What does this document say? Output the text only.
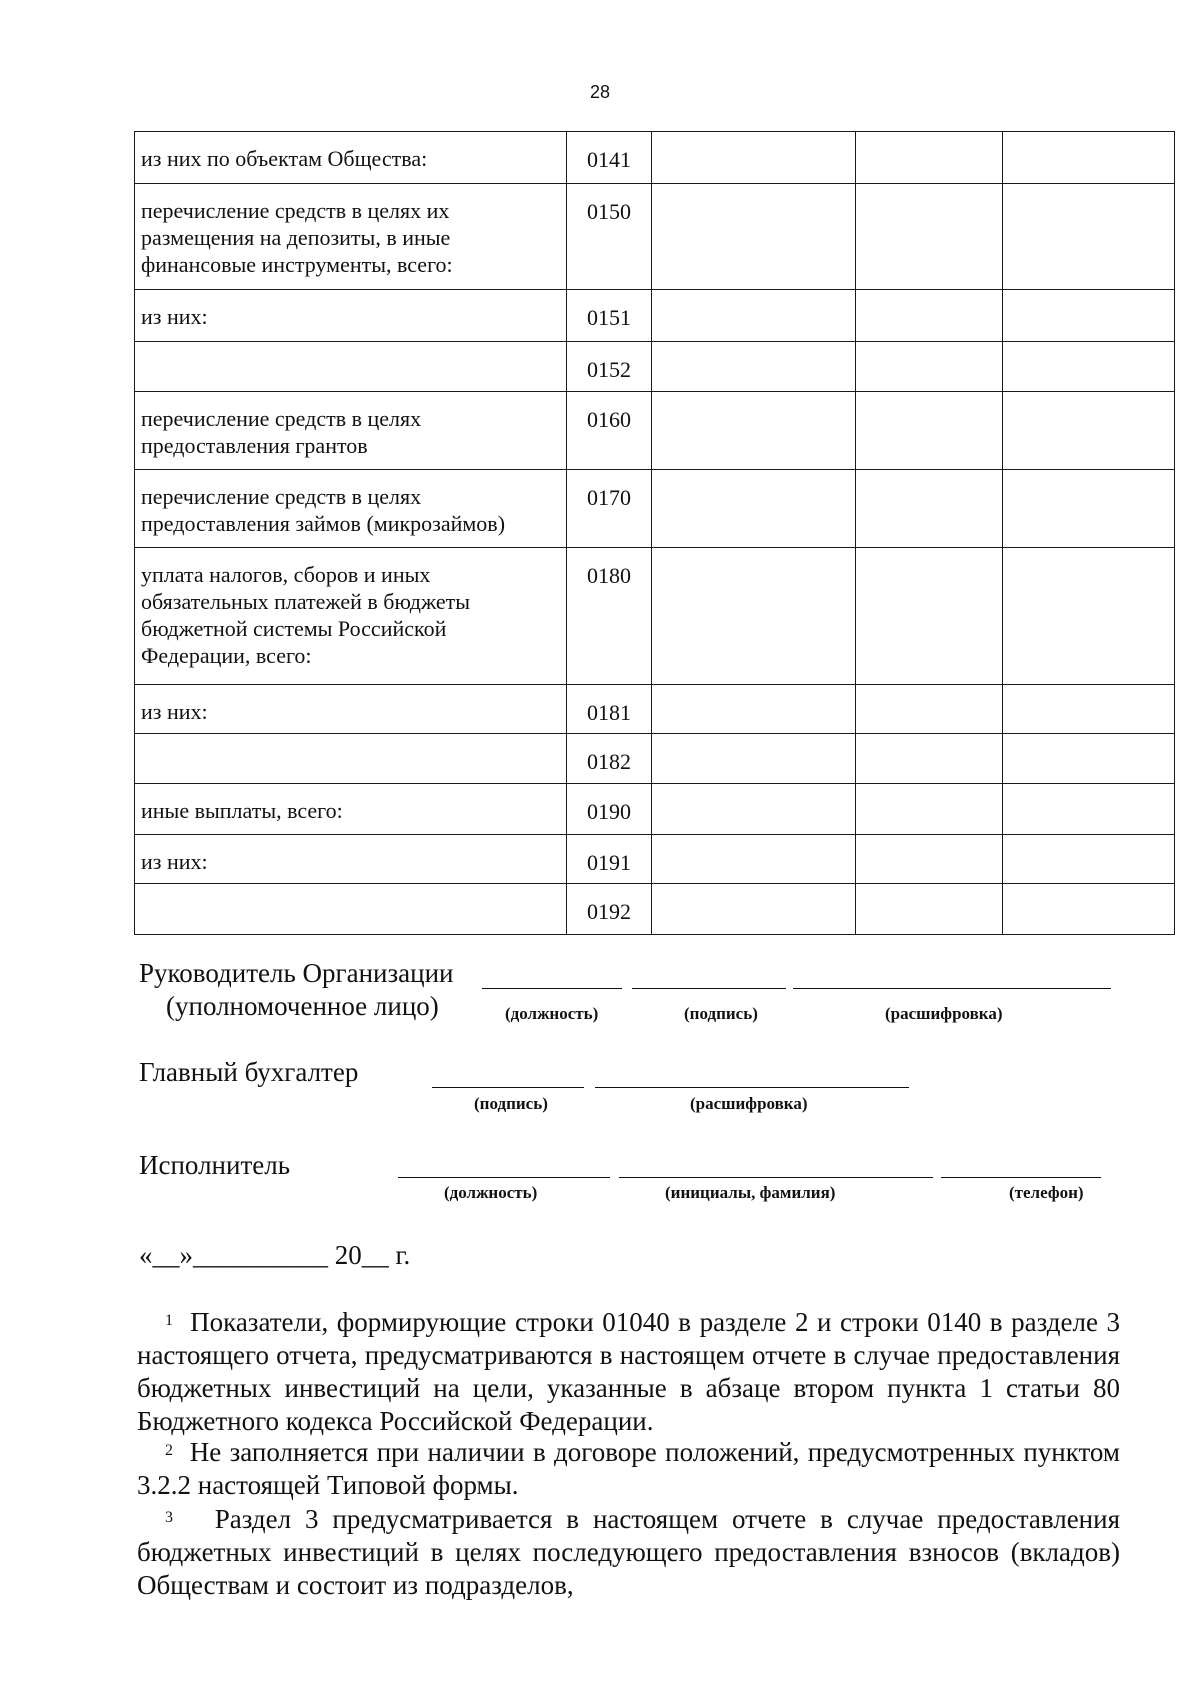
28
из них по объектам Общества:	0141			
перечисление средств в целях их размещения на депозиты, в иные финансовые инструменты, всего:	0150			
из них:	0151			
	0152			
перечисление средств в целях предоставления грантов	0160			
перечисление средств в целях предоставления займов (микрозаймов)	0170			
уплата налогов, сборов и иных обязательных платежей в бюджеты бюджетной системы Российской Федерации, всего:	0180			
из них:	0181			
	0182			
иные выплаты, всего:	0190			
из них:	0191			
	0192			
Руководитель Организации
(уполномоченное лицо)	(должность)	(подпись)	(расшифровка)
Главный бухгалтер
(подпись)	(расшифровка)
Исполнитель
(должность)	(инициалы, фамилия)	(телефон)
«__»__________ 20__ г.
$^1$ Показатели, формирующие строки 01040 в разделе 2 и строки 0140 в разделе 3 настоящего отчета, предусматриваются в настоящем отчете в случае предоставления бюджетных инвестиций на цели, указанные в абзаце втором пункта 1 статьи 80 Бюджетного кодекса Российской Федерации.
$^2$ Не заполняется при наличии в договоре положений, предусмотренных пунктом 3.2.2 настоящей Типовой формы.
$^3$ Раздел 3 предусматривается в настоящем отчете в случае предоставления бюджетных инвестиций в целях последующего предоставления взносов (вкладов) Обществам и состоит из подразделов,
